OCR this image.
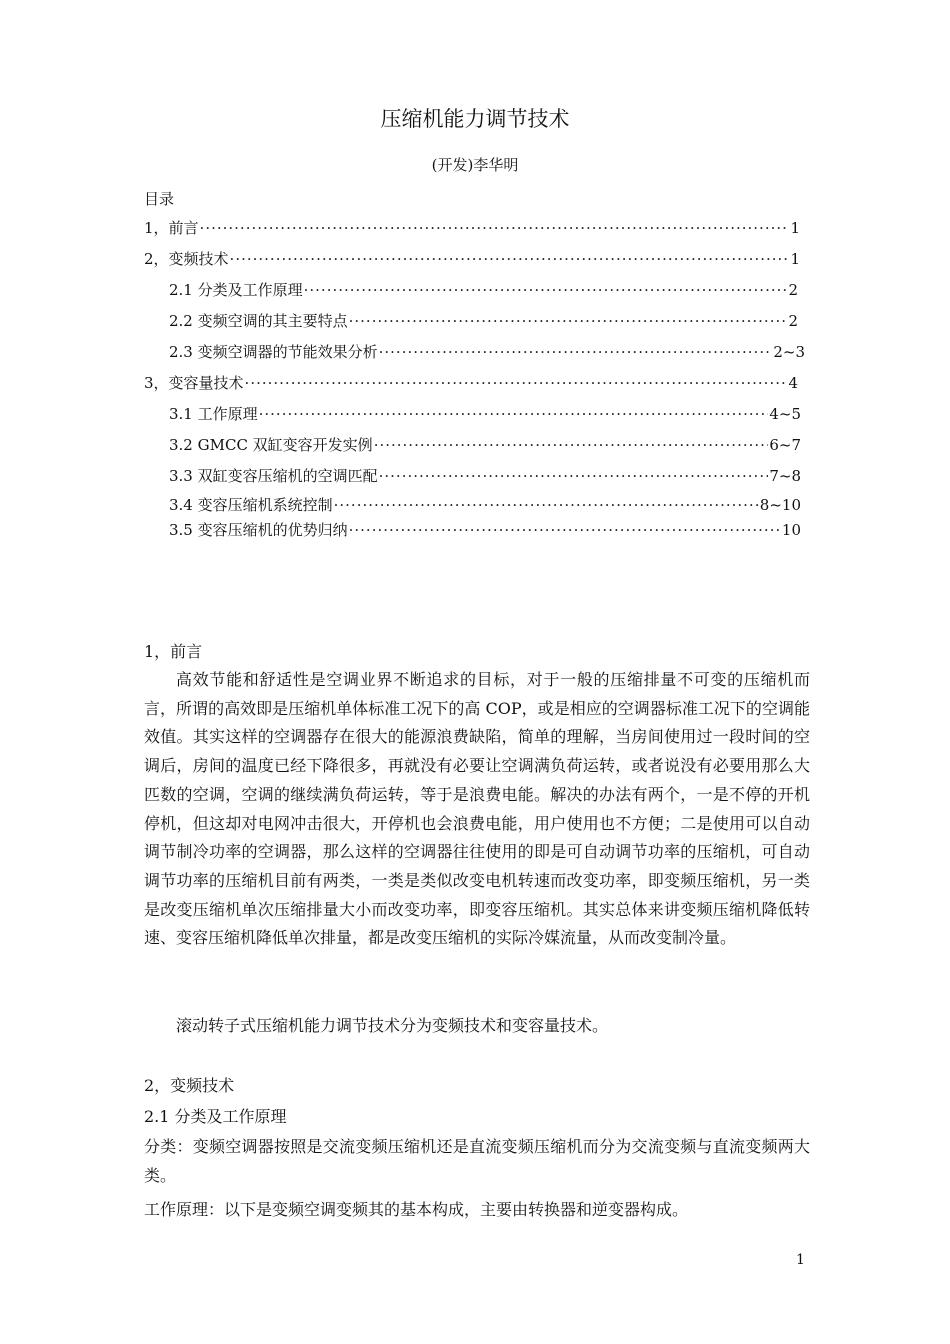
压缩机能力调节技术
(开发)李华明
目录
1，前言 ·····	1
2，变频技术 ·····	1
2.1 分类及工作原理 ·····	2
2.2 变频空调的其主要特点 ·····	2
2.3 变频空调器的节能效果分析 ·····	2~3
3，变容量技术 ·····	4
3.1 工作原理 ·····	4~5
3.2 GMCC 双缸变容开发实例 ·····	6~7
3.3 双缸变容压缩机的空调匹配 ·····	7~8
3.4 变容压缩机系统控制 ·····	8~10
3.5 变容压缩机的优势归纳 ·····	10
1，前言
高效节能和舒适性是空调业界不断追求的目标，对于一般的压缩排量不可变的压缩机而言，所谓的高效即是压缩机单体标准工况下的高 COP，或是相应的空调器标准工况下的空调能效值。其实这样的空调器存在很大的能源浪费缺陷，简单的理解，当房间使用过一段时间的空调后，房间的温度已经下降很多，再就没有必要让空调满负荷运转，或者说没有必要用那么大匹数的空调，空调的继续满负荷运转，等于是浪费电能。解决的办法有两个，一是不停的开机停机，但这却对电网冲击很大，开停机也会浪费电能，用户使用也不方便；二是使用可以自动调节制冷功率的空调器，那么这样的空调器往往使用的即是可自动调节功率的压缩机，可自动调节功率的压缩机目前有两类，一类是类似改变电机转速而改变功率，即变频压缩机，另一类是改变压缩机单次压缩排量大小而改变功率，即变容压缩机。其实总体来讲变频压缩机降低转速、变容压缩机降低单次排量，都是改变压缩机的实际冷媒流量，从而改变制冷量。
滚动转子式压缩机能力调节技术分为变频技术和变容量技术。
2，变频技术
2.1 分类及工作原理
分类：变频空调器按照是交流变频压缩机还是直流变频压缩机而分为交流变频与直流变频两大类。
工作原理：以下是变频空调变频其的基本构成，主要由转换器和逆变器构成。
1
